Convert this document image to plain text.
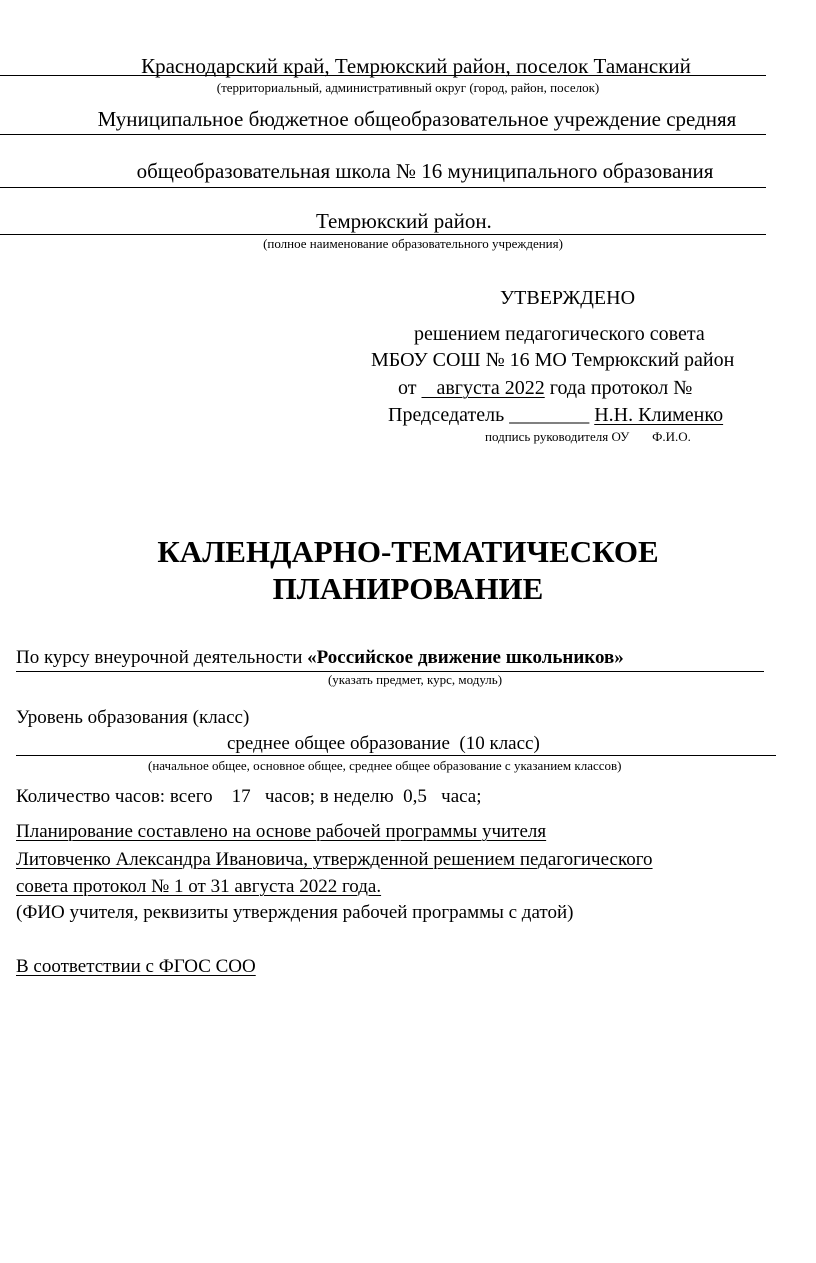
Краснодарский край, Темрюкский район, поселок Таманский
(территориальный, административный округ (город, район, поселок)
Муниципальное бюджетное общеобразовательное учреждение средняя
общеобразовательная школа № 16 муниципального образования
Темрюкский район.
(полное наименование образовательного учреждения)
УТВЕРЖДЕНО
решением педагогического совета
МБОУ СОШ № 16 МО Темрюкский район
от    августа 2022 года протокол №
Председатель ________ Н.Н. Клименко
подпись руководителя ОУ       Ф.И.О.
КАЛЕНДАРНО-ТЕМАТИЧЕСКОЕ
ПЛАНИРОВАНИЕ
По курсу внеурочной деятельности «Российское движение школьников»
(указать предмет, курс, модуль)
Уровень образования (класс)
среднее общее образование  (10 класс)
(начальное общее, основное общее, среднее общее образование с указанием классов)
Количество часов: всего    17   часов; в неделю  0,5   часа;
Планирование составлено на основе рабочей программы учителя
Литовченко Александра Ивановича, утвержденной решением педагогического
совета протокол № 1 от 31 августа 2022 года.
(ФИО учителя, реквизиты утверждения рабочей программы с датой)
В соответствии с ФГОС СОО
